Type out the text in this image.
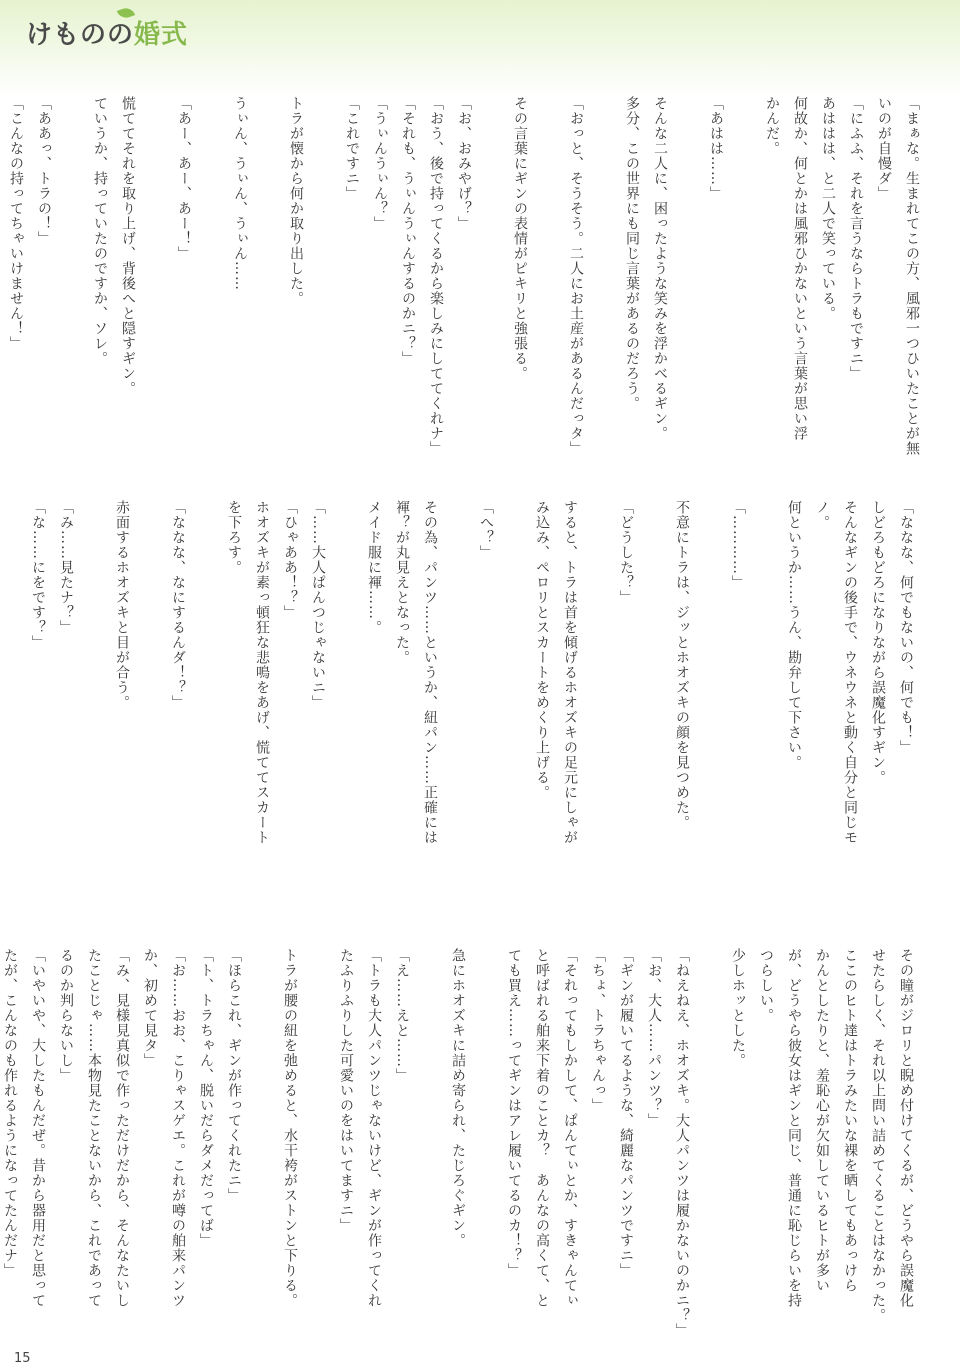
けものの婚式

「まぁな。生まれてこの方、風邪一つひいたことが無

いのが自慢ダ」

「にふふ、それを言うならトラもですニ」

あははは、と二人で笑っている。

何故か、何とかは風邪ひかないという言葉が思い浮

かんだ。

「あはは……」

そんな二人に、困ったような笑みを浮かべるギン。

多分、この世界にも同じ言葉があるのだろう。

「おっと、そうそう。二人にお土産があるんだっタ」

その言葉にギンの表情がピキリと強張る。

「お、おみやげ？」

「おう、後で持ってくるから楽しみにしててくれナ」

「それも、うぃんうぃんするのかニ？」

「うぃんうぃん？」

「これですニ」

トラが懐から何か取り出した。

うぃん、うぃん、うぃん……

「あー、あー、あー！」

慌ててそれを取り上げ、背後へと隠すギン。

ていうか、持っていたのですか、ソレ。

「ああっ、トラの！」

「こんなの持ってちゃいけません！」

「ななな、何でもないの、何でも！」

しどろもどろになりながら誤魔化すギン。

そんなギンの後手で、ウネウネと動く自分と同じモ

ノ。

何というか……うん、勘弁して下さい。

「…………」

不意にトラは、ジッとホオズキの顔を見つめた。

「どうした？」

すると、トラは首を傾げるホオズキの足元にしゃが

み込み、ペロリとスカートをめくり上げる。

「へ？」

その為、パンツ……というか、紐パン……正確には

褌？が丸見えとなった。

メイド服に褌……。

「……大人ぱんつじゃないニ」

「ひゃああ！？」

ホオズキが素っ頓狂な悲鳴をあげ、慌ててスカート

を下ろす。

「ななな、なにするんダ！？」

赤面するホオズキと目が合う。

「み……見たナ？」

「な……にをです？」

その瞳がジロリと睨め付けてくるが、どうやら誤魔化

せたらしく、それ以上問い詰めてくることはなかった。

ここのヒト達はトラみたいな裸を晒してもあっけら

かんとしたりと、羞恥心が欠如しているヒトが多い

が、どうやら彼女はギンと同じ、普通に恥じらいを持

つらしい。

少しホッとした。

「ねえねえ、ホオズキ。大人パンツは履かないのかニ？」

「お、大人……パンツ？」

「ギンが履いてるような、綺麗なパンツですニ」

「ちょ、トラちゃんっ」

「それってもしかして、ぱんてぃとか、すきゃんてぃ

と呼ばれる舶来下着のことカ？　あんなの高くて、と

ても買え……ってギンはアレ履いてるのカ！？」

急にホオズキに詰め寄られ、たじろぐギン。

「え……えと……」

「トラも大人パンツじゃないけど、ギンが作ってくれ

たふりふりした可愛いのをはいてますニ」

トラが腰の紐を弛めると、水干袴がストンと下りる。

「ほらこれ、ギンが作ってくれたニ」

「ト、トラちゃん、脱いだらダメだってば」

「お……おお、こりゃスゲエ。これが噂の舶来パンツ

か、初めて見タ」

「み、見様見真似で作っただけだから、そんなたいし

たことじゃ……本物見たことないから、これであって

るのか判らないし」

「いやいや、大したもんだぜ。昔から器用だと思って

たが、こんなのも作れるようになってたんだナ」

15
